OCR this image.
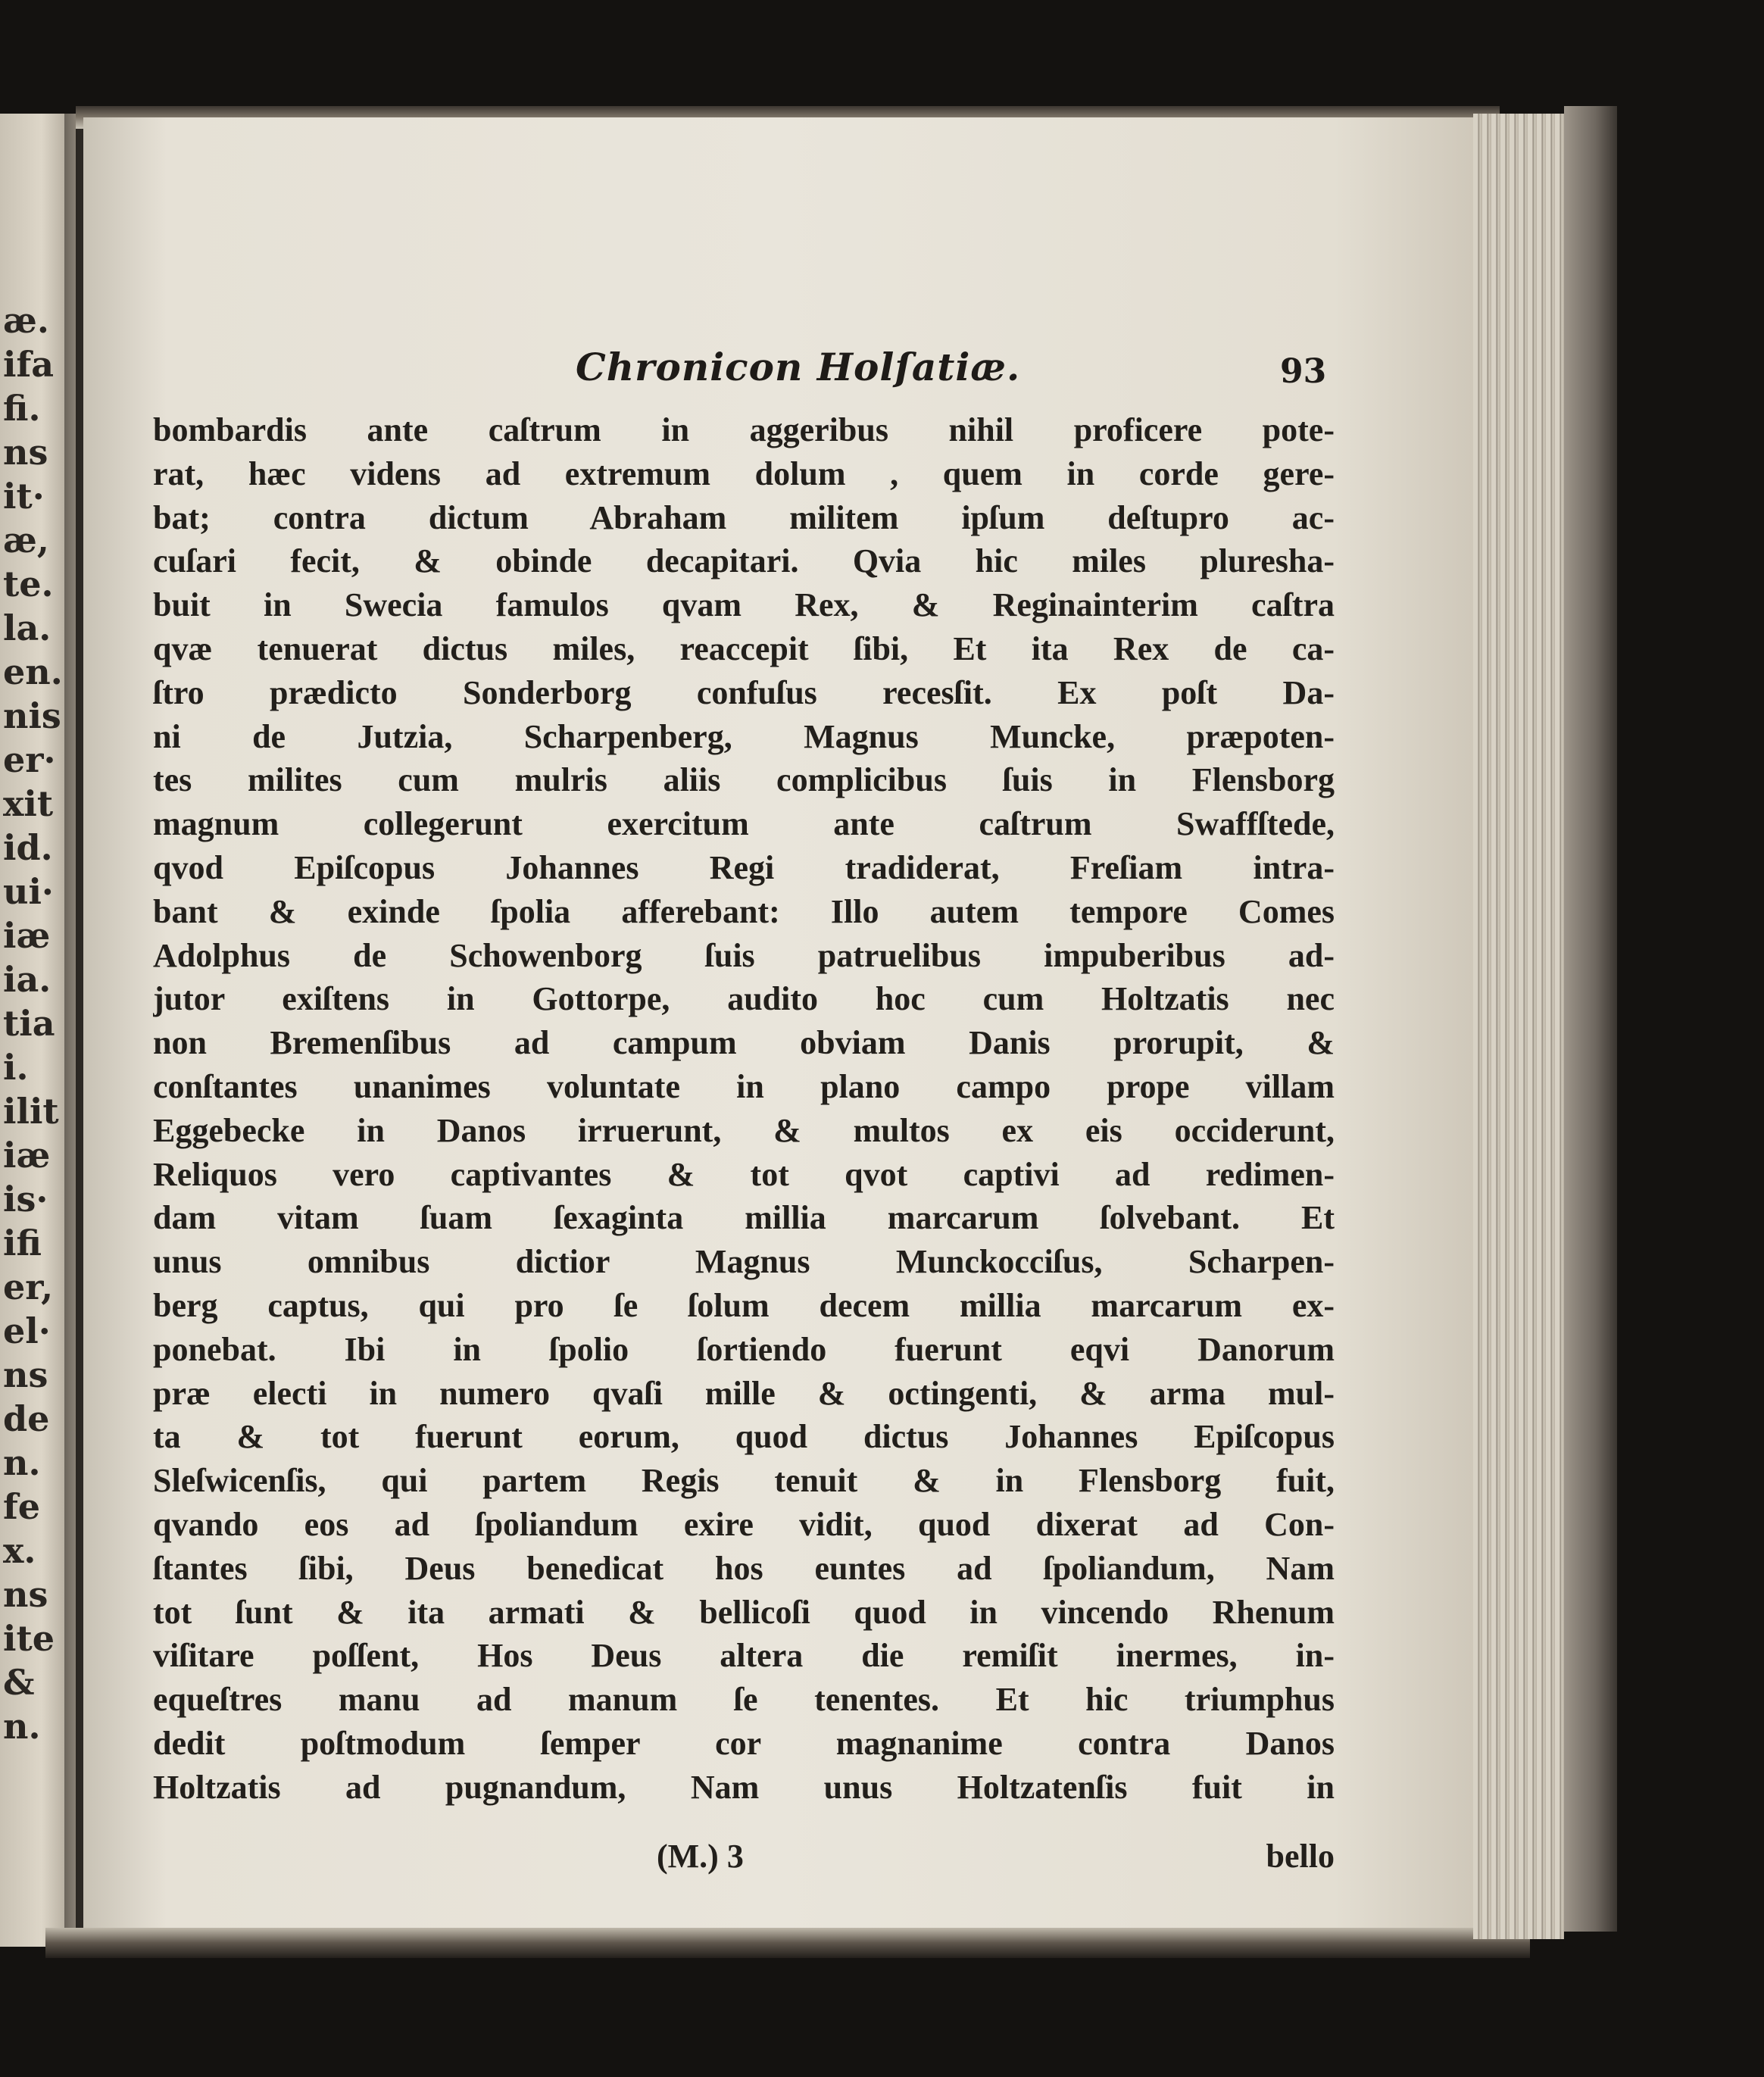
æ.
ifa
fi.
ns
it·
æ,
te.
la.
en.
nis
er·
xit
id.
ui·
iæ
ia.
tia
i.
ilit
iæ
is·
ifi
er,
el·
ns
de
n.
fe
x.
ns
ite
&
n.
Chronicon Holſatiæ.	93
bombardis ante caſtrum in aggeribus nihil proficere pote-
rat, hæc videns ad extremum dolum , quem in corde gere-
bat; contra dictum Abraham militem ipſum deſtupro ac-
cuſari fecit, & obinde decapitari. Qvia hic miles pluresha-
buit in Swecia famulos qvam Rex, & Reginainterim caſtra
qvæ tenuerat dictus miles, reaccepit ſibi, Et ita Rex de ca-
ſtro prædicto Sonderborg confuſus recesſit. Ex poſt Da-
ni de Jutzia, Scharpenberg, Magnus Muncke, præpoten-
tes milites cum mulris aliis complicibus ſuis in Flensborg
magnum collegerunt exercitum ante caſtrum Swaffſtede,
qvod Epiſcopus Johannes Regi tradiderat, Freſiam intra-
bant & exinde ſpolia afferebant: Illo autem tempore Comes
Adolphus de Schowenborg ſuis patruelibus impuberibus ad-
jutor exiſtens in Gottorpe, audito hoc cum Holtzatis nec
non Bremenſibus ad campum obviam Danis prorupit, &
conſtantes unanimes voluntate in plano campo prope villam
Eggebecke in Danos irruerunt, & multos ex eis occiderunt,
Reliquos vero captivantes & tot qvot captivi ad redimen-
dam vitam ſuam ſexaginta millia marcarum ſolvebant. Et
unus omnibus dictior Magnus Munckocciſus, Scharpen-
berg captus, qui pro ſe ſolum decem millia marcarum ex-
ponebat. Ibi in ſpolio ſortiendo fuerunt eqvi Danorum
præ electi in numero qvaſi mille & octingenti, & arma mul-
ta & tot fuerunt eorum, quod dictus Johannes Epiſcopus
Sleſwicenſis, qui partem Regis tenuit & in Flensborg fuit,
qvando eos ad ſpoliandum exire vidit, quod dixerat ad Con-
ſtantes ſibi, Deus benedicat hos euntes ad ſpoliandum, Nam
tot ſunt & ita armati & bellicoſi quod in vincendo Rhenum
viſitare poſſent, Hos Deus altera die remiſit inermes, in-
equeſtres manu ad manum ſe tenentes. Et hic triumphus
dedit poſtmodum ſemper cor magnanime contra Danos
Holtzatis ad pugnandum, Nam unus Holtzatenſis fuit in
(M.) 3	bello
